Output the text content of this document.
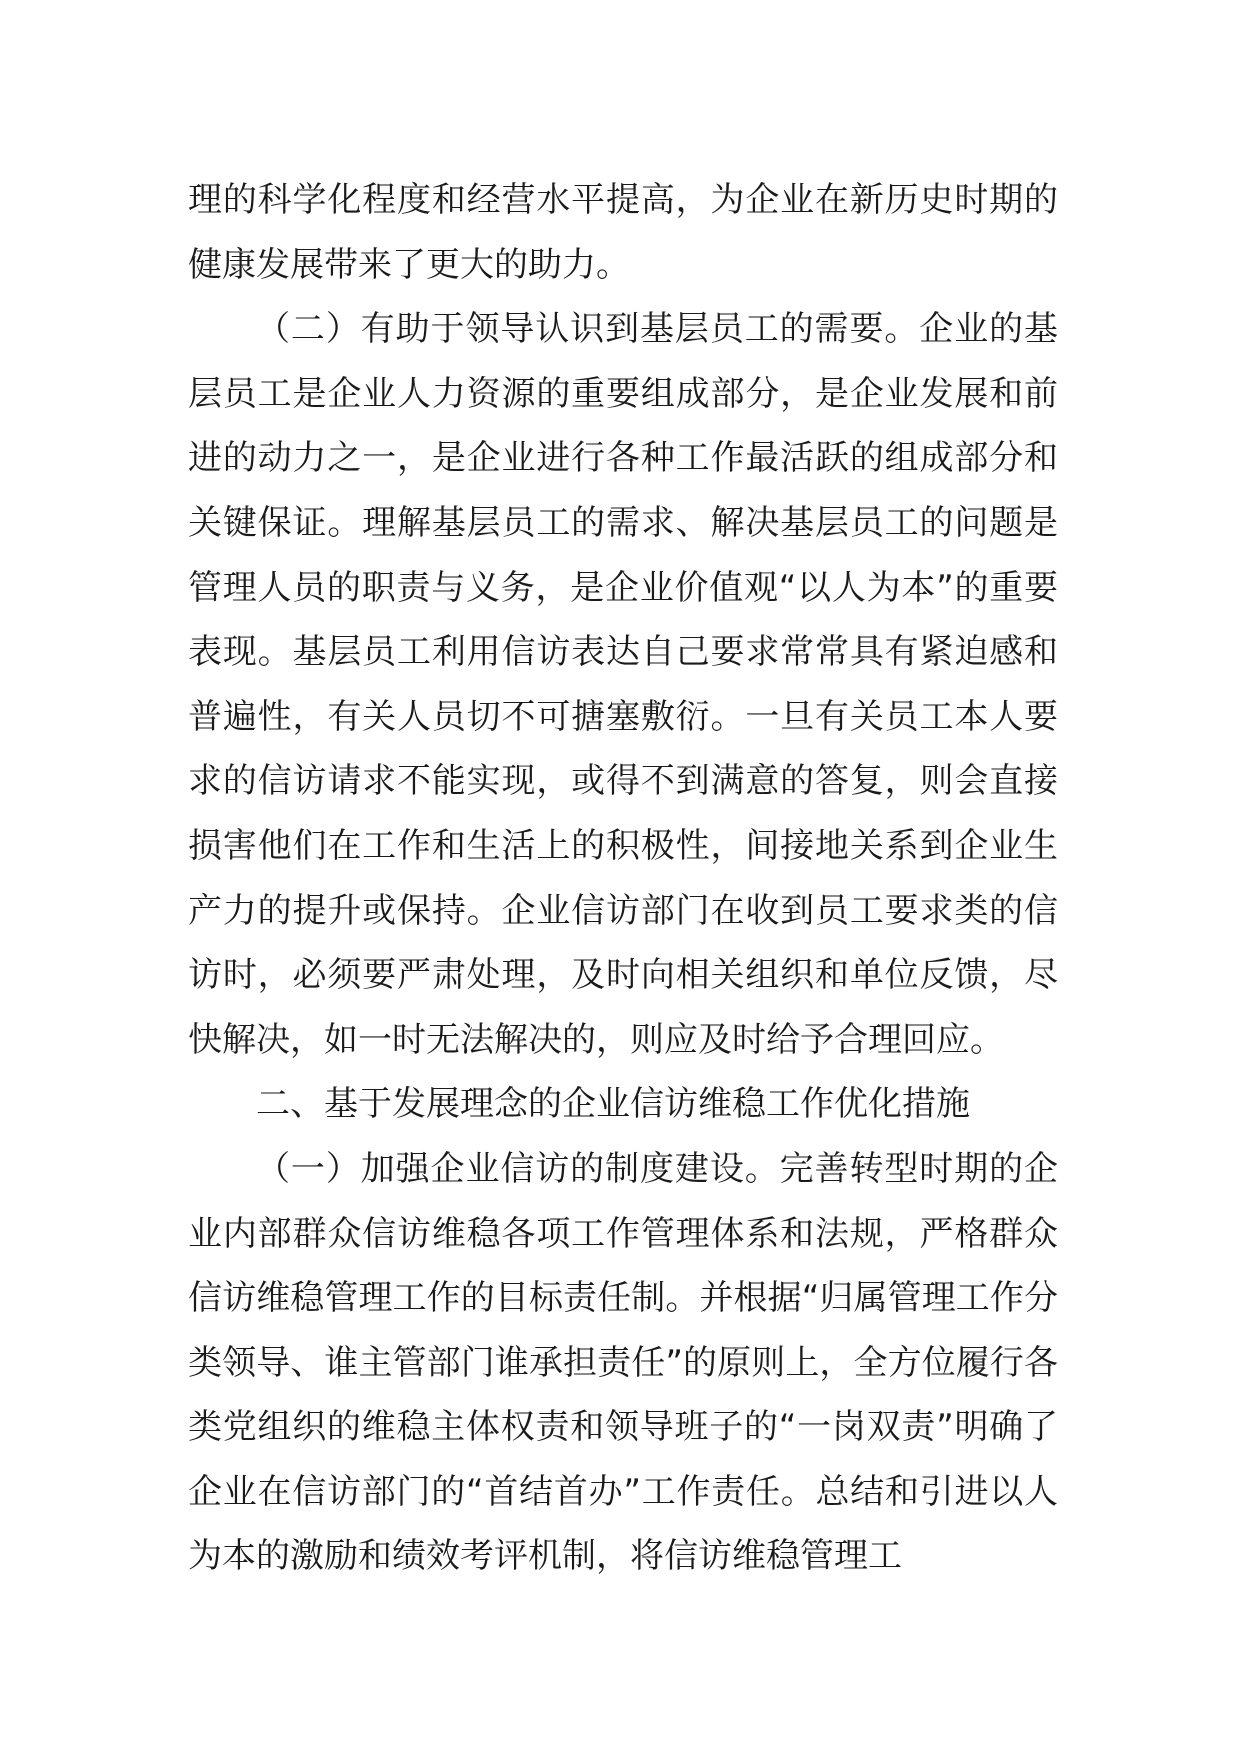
理的科学化程度和经营水平提高，为企业在新历史时期的健康发展带来了更大的助力。

（二）有助于领导认识到基层员工的需要。企业的基层员工是企业人力资源的重要组成部分，是企业发展和前进的动力之一，是企业进行各种工作最活跃的组成部分和关键保证。理解基层员工的需求、解决基层员工的问题是管理人员的职责与义务，是企业价值观“以人为本”的重要表现。基层员工利用信访表达自己要求常常具有紧迫感和普遍性，有关人员切不可搪塞敷衍。一旦有关员工本人要求的信访请求不能实现，或得不到满意的答复，则会直接损害他们在工作和生活上的积极性，间接地关系到企业生产力的提升或保持。企业信访部门在收到员工要求类的信访时，必须要严肃处理，及时向相关组织和单位反馈，尽快解决，如一时无法解决的，则应及时给予合理回应。

二、基于发展理念的企业信访维稳工作优化措施

（一）加强企业信访的制度建设。完善转型时期的企业内部群众信访维稳各项工作管理体系和法规，严格群众信访维稳管理工作的目标责任制。并根据“归属管理工作分类领导、谁主管部门谁承担责任”的原则上，全方位履行各类党组织的维稳主体权责和领导班子的“一岗双责”明确了企业在信访部门的“首结首办”工作责任。总结和引进以人为本的激励和绩效考评机制，将信访维稳管理工
